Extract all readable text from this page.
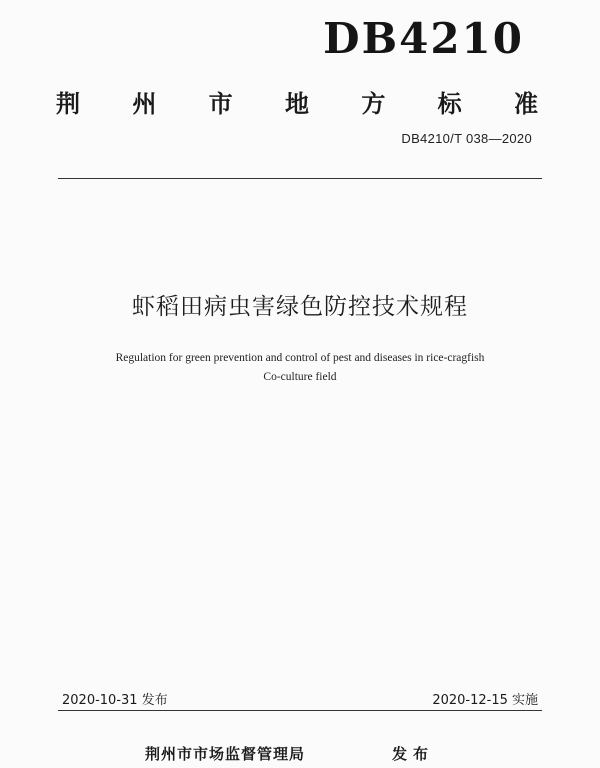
DB4210
荆 州 市 地 方 标 准
DB4210/T 038—2020
虾稻田病虫害绿色防控技术规程
Regulation for green prevention and control of pest and diseases in rice-cragfish
Co-culture field
2020-10-31 发布	2020-12-15 实施
荆州市市场监督管理局	发布
